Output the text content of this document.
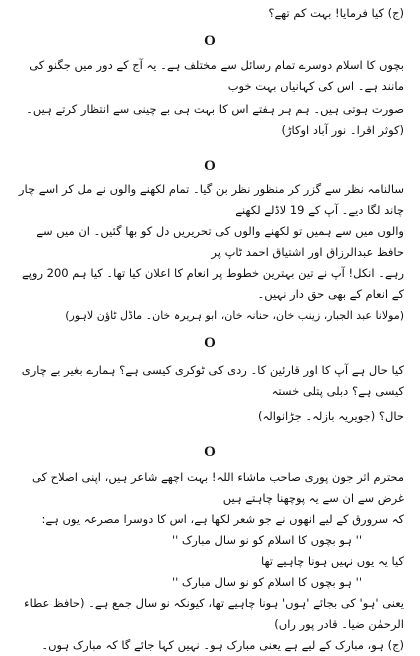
(ج) کیا فرمایا! بہت کم تھے؟

O

بچوں کا اسلام دوسرے تمام رسائل سے مختلف ہے۔ یہ آج کے دور میں جگنو کی مانند ہے۔ اس کی کہانیاں بہت خوب

صورت ہوتی ہیں۔ ہم ہر ہفتے اس کا بہت ہی بے چینی سے انتظار کرتے ہیں۔ (کوثر اقرا۔ نور آباد اوکاڑ)

O

سالنامہ نظر سے گزر کر منظور نظر بن گیا۔ تمام لکھنے والوں نے مل کر اسے چار چاند لگا دیے۔ آپ کے 19 لاڈلے لکھنے

والوں میں سے ہمیں تو لکھنے والوں کی تحریریں دل کو بھا گئیں۔ ان میں سے حافظ عبدالرزاق اور اشتیاق احمد ٹاپ پر

رہے۔ انکل! آپ نے تین بہترین خطوط پر انعام کا اعلان کیا تھا۔ کیا ہم 200 روپے کے انعام کے بھی حق دار نہیں۔

(مولانا عبد الجبار، زینب خان، حنانہ خان، ابو ہریرہ خان۔ ماڈل ٹاؤن لاہور)

O

کیا حال ہے آپ کا اور قارئین کا۔ ردی کی ٹوکری کیسی ہے؟ ہمارے بغیر بے چاری کیسی ہے؟ دبلی پتلی خستہ

حال؟ (جویریہ بازلہ۔ جڑانوالہ)

O

محترم اثر جون پوری صاحب ماشاء اللہ! بہت اچھے شاعر ہیں، اپنی اصلاح کی غرض سے ان سے یہ پوچھنا چاہتے ہیں

کہ سرورق کے لیے انھوں نے جو شعر لکھا ہے، اس کا دوسرا مصرعہ یوں ہے:

'' ہو بچوں کا اسلام کو نو سال مبارک ''

کیا یہ یوں نہیں ہونا چاہیے تھا

'' ہو بچوں کا اسلام کو نو سال مبارک ''

یعنی 'ہو' کی بجائے 'ہوں' ہونا چاہیے تھا، کیونکہ نو سال جمع ہے۔ (حافظ عطاء الرحمٰن ضیا۔ قادر پور راں)

(ج) ہو، مبارک کے لیے ہے یعنی مبارک ہو۔ نہیں کہا جائے گا کہ مبارک ہوں۔
